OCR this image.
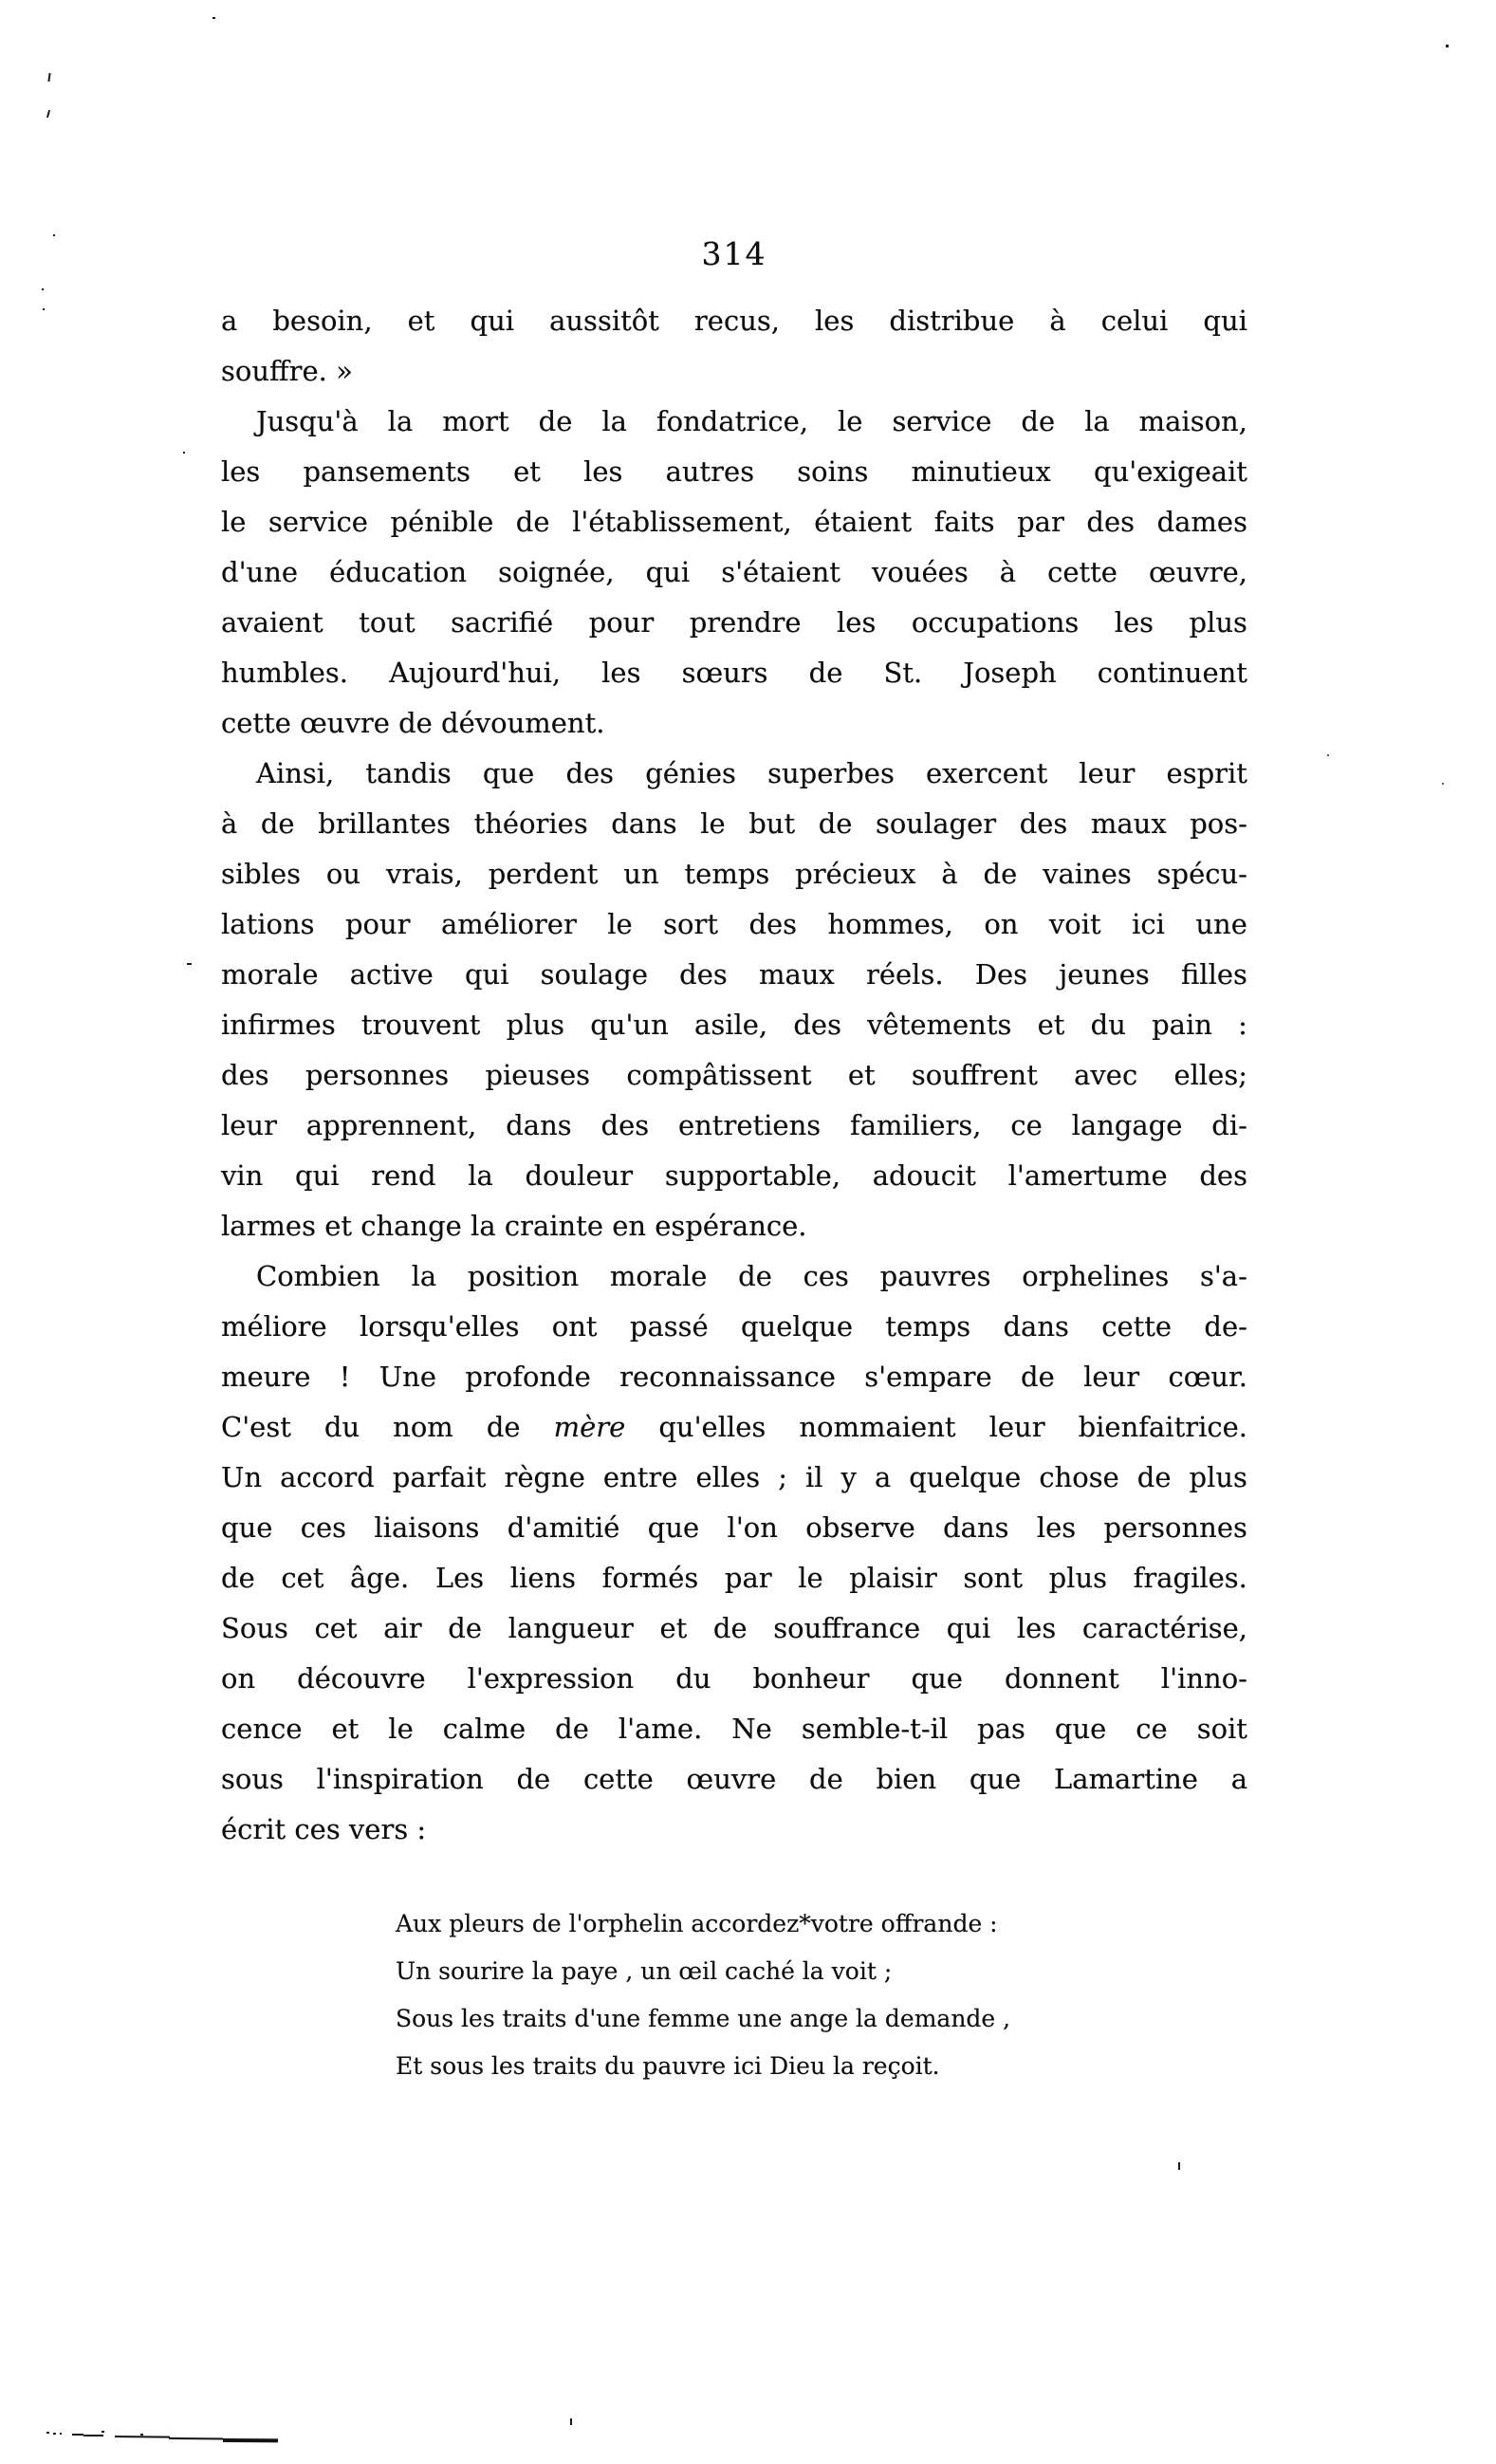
314
a besoin, et qui aussitôt recus, les distribue à celui qui
souffre. »
Jusqu'à la mort de la fondatrice, le service de la maison,
les pansements et les autres soins minutieux qu'exigeait
le service pénible de l'établissement, étaient faits par des dames
d'une éducation soignée, qui s'étaient vouées à cette œuvre,
avaient tout sacrifié pour prendre les occupations les plus
humbles. Aujourd'hui, les sœurs de St. Joseph continuent
cette œuvre de dévoument.
Ainsi, tandis que des génies superbes exercent leur esprit
à de brillantes théories dans le but de soulager des maux pos-
sibles ou vrais, perdent un temps précieux à de vaines spécu-
lations pour améliorer le sort des hommes, on voit ici une
morale active qui soulage des maux réels. Des jeunes filles
infirmes trouvent plus qu'un asile, des vêtements et du pain :
des personnes pieuses compâtissent et souffrent avec elles;
leur apprennent, dans des entretiens familiers, ce langage di-
vin qui rend la douleur supportable, adoucit l'amertume des
larmes et change la crainte en espérance.
Combien la position morale de ces pauvres orphelines s'a-
méliore lorsqu'elles ont passé quelque temps dans cette de-
meure ! Une profonde reconnaissance s'empare de leur cœur.
C'est du nom de mère qu'elles nommaient leur bienfaitrice.
Un accord parfait règne entre elles ; il y a quelque chose de plus
que ces liaisons d'amitié que l'on observe dans les personnes
de cet âge. Les liens formés par le plaisir sont plus fragiles.
Sous cet air de langueur et de souffrance qui les caractérise,
on découvre l'expression du bonheur que donnent l'inno-
cence et le calme de l'ame. Ne semble-t-il pas que ce soit
sous l'inspiration de cette œuvre de bien que Lamartine a
écrit ces vers :
Aux pleurs de l'orphelin accordez*votre offrande :
Un sourire la paye , un œil caché la voit ;
Sous les traits d'une femme une ange la demande ,
Et sous les traits du pauvre ici Dieu la reçoit.
